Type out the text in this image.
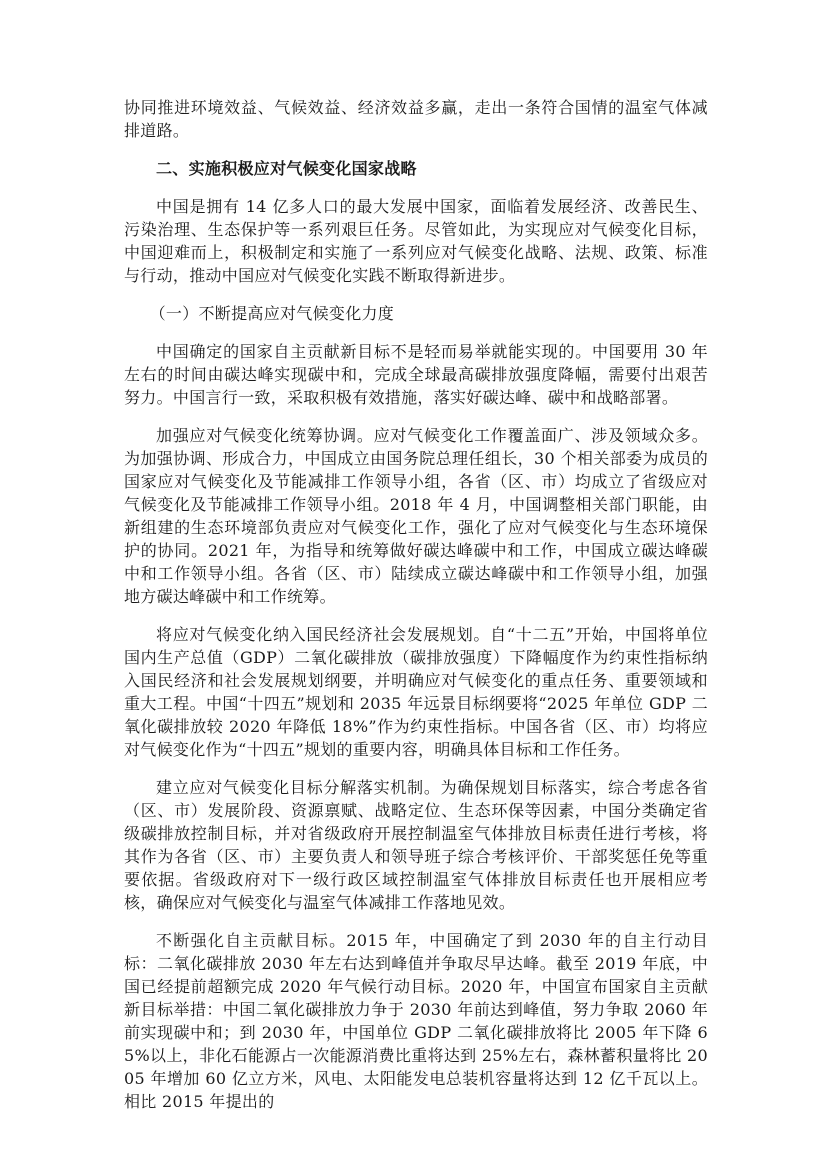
协同推进环境效益、气候效益、经济效益多赢，走出一条符合国情的温室气体减排道路。

二、实施积极应对气候变化国家战略

中国是拥有 14 亿多人口的最大发展中国家，面临着发展经济、改善民生、污染治理、生态保护等一系列艰巨任务。尽管如此，为实现应对气候变化目标，中国迎难而上，积极制定和实施了一系列应对气候变化战略、法规、政策、标准与行动，推动中国应对气候变化实践不断取得新进步。

（一）不断提高应对气候变化力度

中国确定的国家自主贡献新目标不是轻而易举就能实现的。中国要用 30 年左右的时间由碳达峰实现碳中和，完成全球最高碳排放强度降幅，需要付出艰苦努力。中国言行一致，采取积极有效措施，落实好碳达峰、碳中和战略部署。

加强应对气候变化统筹协调。应对气候变化工作覆盖面广、涉及领域众多。为加强协调、形成合力，中国成立由国务院总理任组长，30 个相关部委为成员的国家应对气候变化及节能减排工作领导小组，各省（区、市）均成立了省级应对气候变化及节能减排工作领导小组。2018 年 4 月，中国调整相关部门职能，由新组建的生态环境部负责应对气候变化工作，强化了应对气候变化与生态环境保护的协同。2021 年，为指导和统筹做好碳达峰碳中和工作，中国成立碳达峰碳中和工作领导小组。各省（区、市）陆续成立碳达峰碳中和工作领导小组，加强地方碳达峰碳中和工作统筹。

将应对气候变化纳入国民经济社会发展规划。自“十二五”开始，中国将单位国内生产总值（GDP）二氧化碳排放（碳排放强度）下降幅度作为约束性指标纳入国民经济和社会发展规划纲要，并明确应对气候变化的重点任务、重要领域和重大工程。中国“十四五”规划和 2035 年远景目标纲要将“2025 年单位 GDP 二氧化碳排放较 2020 年降低 18%”作为约束性指标。中国各省（区、市）均将应对气候变化作为“十四五”规划的重要内容，明确具体目标和工作任务。

建立应对气候变化目标分解落实机制。为确保规划目标落实，综合考虑各省（区、市）发展阶段、资源禀赋、战略定位、生态环保等因素，中国分类确定省级碳排放控制目标，并对省级政府开展控制温室气体排放目标责任进行考核，将其作为各省（区、市）主要负责人和领导班子综合考核评价、干部奖惩任免等重要依据。省级政府对下一级行政区域控制温室气体排放目标责任也开展相应考核，确保应对气候变化与温室气体减排工作落地见效。

不断强化自主贡献目标。2015 年，中国确定了到 2030 年的自主行动目标：二氧化碳排放 2030 年左右达到峰值并争取尽早达峰。截至 2019 年底，中国已经提前超额完成 2020 年气候行动目标。2020 年，中国宣布国家自主贡献新目标举措：中国二氧化碳排放力争于 2030 年前达到峰值，努力争取 2060 年前实现碳中和；到 2030 年，中国单位 GDP 二氧化碳排放将比 2005 年下降 65%以上，非化石能源占一次能源消费比重将达到 25%左右，森林蓄积量将比 2005 年增加 60 亿立方米，风电、太阳能发电总装机容量将达到 12 亿千瓦以上。相比 2015 年提出的
